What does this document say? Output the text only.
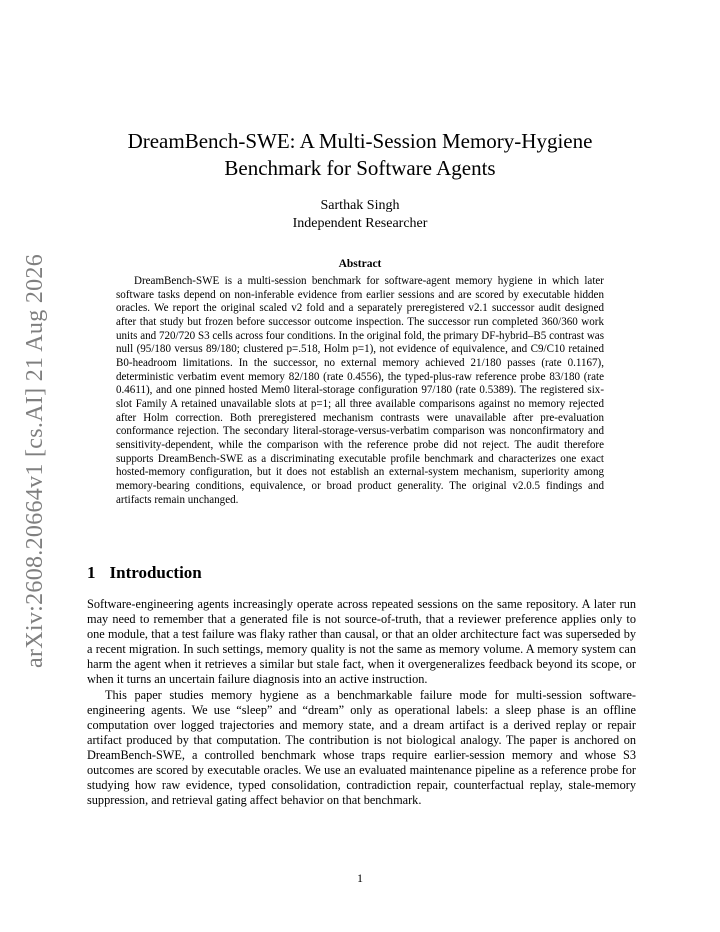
arXiv:2608.20664v1 [cs.AI] 21 Aug 2026
DreamBench-SWE: A Multi-Session Memory-Hygiene Benchmark for Software Agents
Sarthak Singh
Independent Researcher
Abstract

DreamBench-SWE is a multi-session benchmark for software-agent memory hygiene in which later software tasks depend on non-inferable evidence from earlier sessions and are scored by executable hidden oracles. We report the original scaled v2 fold and a separately preregistered v2.1 successor audit designed after that study but frozen before successor outcome inspection. The successor run completed 360/360 work units and 720/720 S3 cells across four conditions. In the original fold, the primary DF-hybrid–B5 contrast was null (95/180 versus 89/180; clustered p=.518, Holm p=1), not evidence of equivalence, and C9/C10 retained B0-headroom limitations. In the successor, no external memory achieved 21/180 passes (rate 0.1167), deterministic verbatim event memory 82/180 (rate 0.4556), the typed-plus-raw reference probe 83/180 (rate 0.4611), and one pinned hosted Mem0 literal-storage configuration 97/180 (rate 0.5389). The registered six-slot Family A retained unavailable slots at p=1; all three available comparisons against no memory rejected after Holm correction. Both preregistered mechanism contrasts were unavailable after pre-evaluation conformance rejection. The secondary literal-storage-versus-verbatim comparison was nonconfirmatory and sensitivity-dependent, while the comparison with the reference probe did not reject. The audit therefore supports DreamBench-SWE as a discriminating executable profile benchmark and characterizes one exact hosted-memory configuration, but it does not establish an external-system mechanism, superiority among memory-bearing conditions, equivalence, or broad product generality. The original v2.0.5 findings and artifacts remain unchanged.

1 Introduction

Software-engineering agents increasingly operate across repeated sessions on the same repository. A later run may need to remember that a generated file is not source-of-truth, that a reviewer preference applies only to one module, that a test failure was flaky rather than causal, or that an older architecture fact was superseded by a recent migration. In such settings, memory quality is not the same as memory volume. A memory system can harm the agent when it retrieves a similar but stale fact, when it overgeneralizes feedback beyond its scope, or when it turns an uncertain failure diagnosis into an active instruction.

This paper studies memory hygiene as a benchmarkable failure mode for multi-session software-engineering agents. We use “sleep” and “dream” only as operational labels: a sleep phase is an offline computation over logged trajectories and memory state, and a dream artifact is a derived replay or repair artifact produced by that computation. The contribution is not biological analogy. The paper is anchored on DreamBench-SWE, a controlled benchmark whose traps require earlier-session memory and whose S3 outcomes are scored by executable oracles. We use an evaluated maintenance pipeline as a reference probe for studying how raw evidence, typed consolidation, contradiction repair, counterfactual replay, stale-memory suppression, and retrieval gating affect behavior on that benchmark.

1
